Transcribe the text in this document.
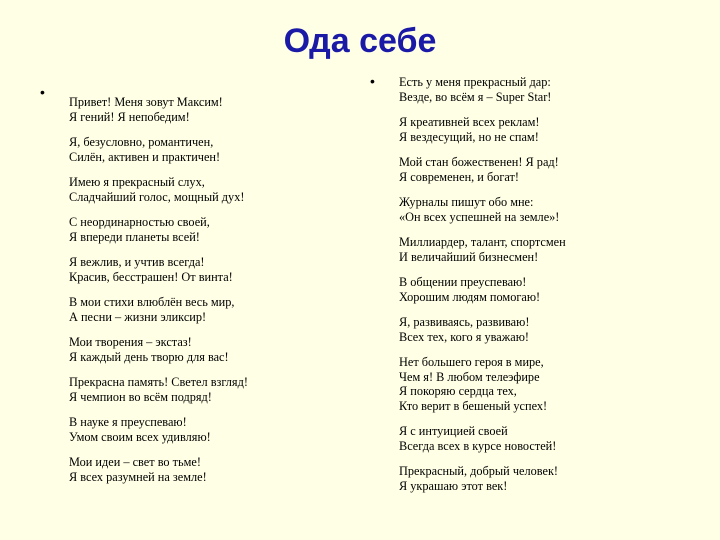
Ода себе
•
•
Привет! Меня зовут Максим!
Я гений! Я непобедим!
Я, безусловно, романтичен,
Силён, активен и практичен!
Имею я прекрасный слух,
Сладчайший голос, мощный дух!
С неординарностью своей,
Я впереди планеты всей!
Я вежлив, и учтив всегда!
Красив, бесстрашен! От винта!
В мои стихи влюблён весь мир,
А песни – жизни эликсир!
Мои творения – экстаз!
Я каждый день творю для вас!
Прекрасна память! Светел взгляд!
Я чемпион во всём подряд!
В науке я преуспеваю!
Умом своим всех удивляю!
Мои идеи – свет во тьме!
Я всех разумней на земле!
Есть у меня прекрасный дар:
Везде, во всём я – Super Star!
Я креативней всех реклам!
Я вездесущий, но не спам!
Мой стан божественен! Я рад!
Я современен, и богат!
Журналы пишут обо мне:
«Он всех успешней на земле»!
Миллиардер, талант, спортсмен
И величайший бизнесмен!
В общении преуспеваю!
Хорошим людям помогаю!
Я, развиваясь, развиваю!
Всех тех, кого я уважаю!
Нет большего героя в мире,
Чем я! В любом телеэфире
Я покоряю сердца тех,
Кто верит в бешеный успех!
Я с интуицией своей
Всегда всех в курсе новостей!
Прекрасный, добрый человек!
Я украшаю этот век!
